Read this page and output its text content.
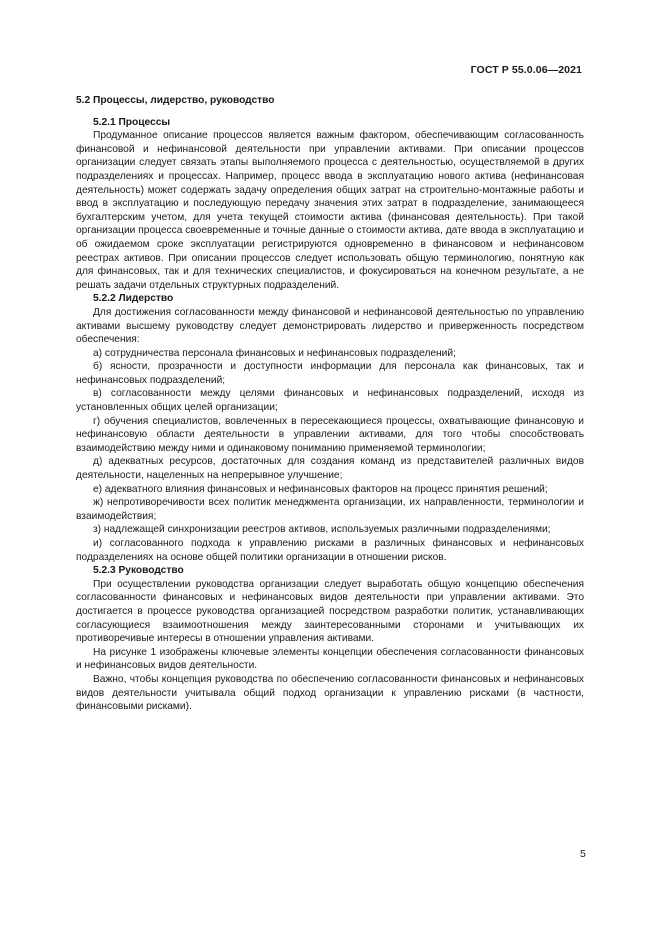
ГОСТ Р 55.0.06—2021

5.2 Процессы, лидерство, руководство

5.2.1 Процессы

Продуманное описание процессов является важным фактором, обеспечивающим согласованность финансовой и нефинансовой деятельности при управлении активами. При описании процессов организации следует связать этапы выполняемого процесса с деятельностью, осуществляемой в других подразделениях и процессах. Например, процесс ввода в эксплуатацию нового актива (нефинансовая деятельность) может содержать задачу определения общих затрат на строительно-монтажные работы и ввод в эксплуатацию и последующую передачу значения этих затрат в подразделение, занимающееся бухгалтерским учетом, для учета текущей стоимости актива (финансовая деятельность). При такой организации процесса своевременные и точные данные о стоимости актива, дате ввода в эксплуатацию и об ожидаемом сроке эксплуатации регистрируются одновременно в финансовом и нефинансовом реестрах активов. При описании процессов следует использовать общую терминологию, понятную как для финансовых, так и для технических специалистов, и фокусироваться на конечном результате, а не решать задачи отдельных структурных подразделений.

5.2.2 Лидерство

Для достижения согласованности между финансовой и нефинансовой деятельностью по управлению активами высшему руководству следует демонстрировать лидерство и приверженность посредством обеспечения:

а) сотрудничества персонала финансовых и нефинансовых подразделений;

б) ясности, прозрачности и доступности информации для персонала как финансовых, так и нефинансовых подразделений;

в) согласованности между целями финансовых и нефинансовых подразделений, исходя из установленных общих целей организации;

г) обучения специалистов, вовлеченных в пересекающиеся процессы, охватывающие финансовую и нефинансовую области деятельности в управлении активами, для того чтобы способствовать взаимодействию между ними и одинаковому пониманию применяемой терминологии;

д) адекватных ресурсов, достаточных для создания команд из представителей различных видов деятельности, нацеленных на непрерывное улучшение;

е) адекватного влияния финансовых и нефинансовых факторов на процесс принятия решений;

ж) непротиворечивости всех политик менеджмента организации, их направленности, терминологии и взаимодействия;

з) надлежащей синхронизации реестров активов, используемых различными подразделениями;

и) согласованного подхода к управлению рисками в различных финансовых и нефинансовых подразделениях на основе общей политики организации в отношении рисков.

5.2.3 Руководство

При осуществлении руководства организации следует выработать общую концепцию обеспечения согласованности финансовых и нефинансовых видов деятельности при управлении активами. Это достигается в процессе руководства организацией посредством разработки политик, устанавливающих согласующиеся взаимоотношения между заинтересованными сторонами и учитывающих их противоречивые интересы в отношении управления активами.

На рисунке 1 изображены ключевые элементы концепции обеспечения согласованности финансовых и нефинансовых видов деятельности.

Важно, чтобы концепция руководства по обеспечению согласованности финансовых и нефинансовых видов деятельности учитывала общий подход организации к управлению рисками (в частности, финансовыми рисками).

5
